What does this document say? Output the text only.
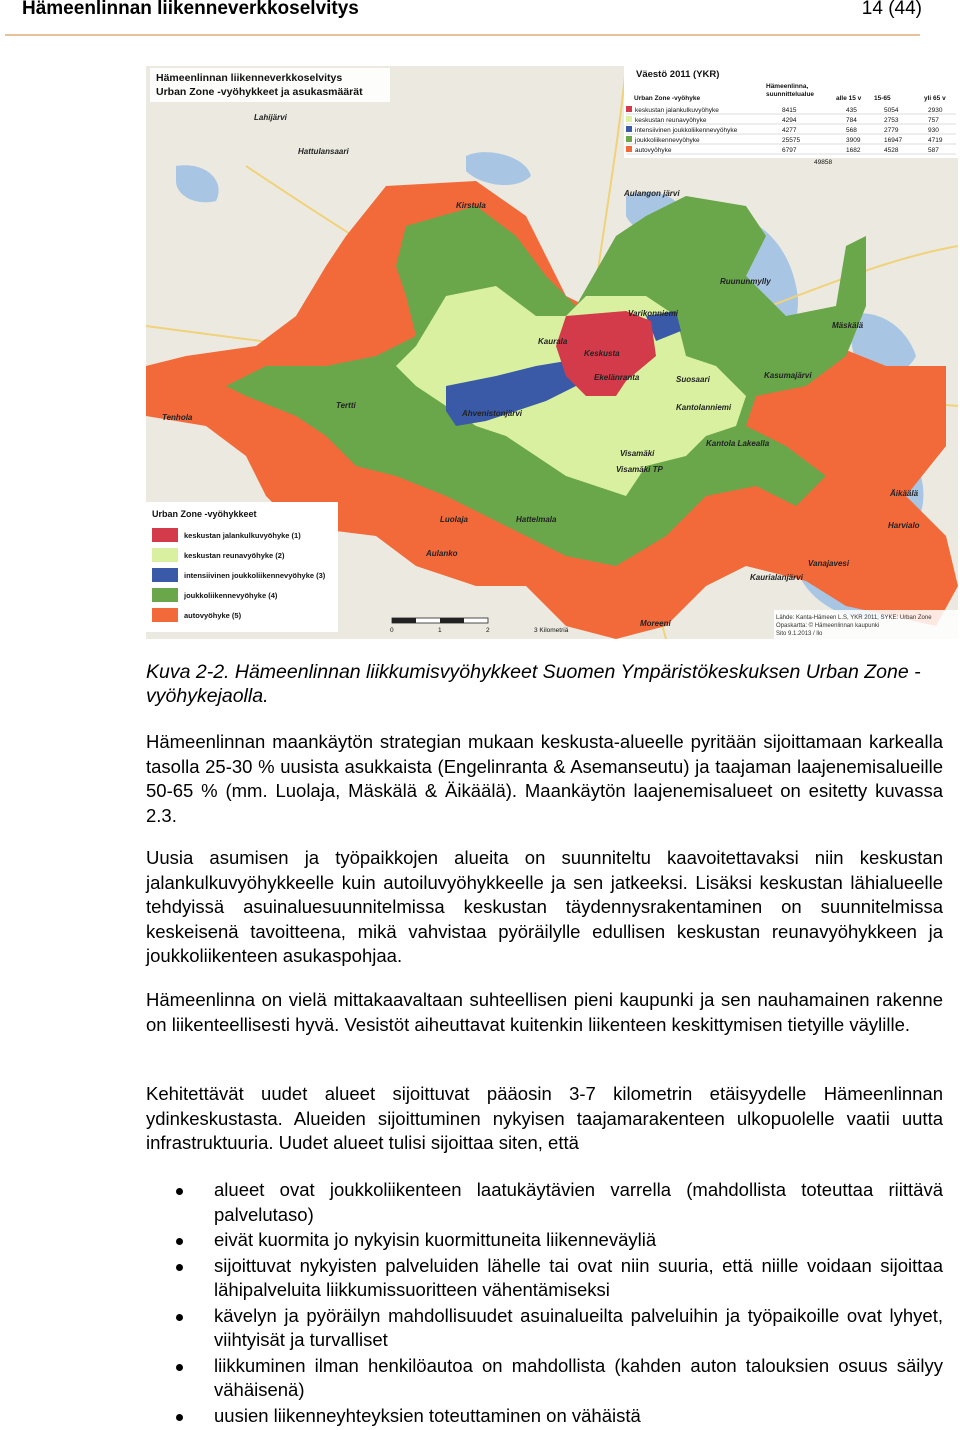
Hämeenlinnan liikenneverkkoselvitys	14 (44)
Hämeenlinnan liikenneverkkoselvitys
Urban Zone -vyöhykkeet ja asukasmäärät
Väestö 2011 (YKR)
Urban Zone -vyöhyke
Hämeenlinna,
suunnittelualue
alle 15 v 15-65	yli 65 v
keskustan jalankulkuvyöhyke	8415	435	5054	2930
keskustan reunavyöhyke	4294	784	2753	757
intensiivinen joukkoliikennevyöhyke	4277	568	2779	930
joukkoliikennevyöhyke	25575	3909	16947	4719
autovyöhyke	6797	1682	4528	587
49858
Lahijärvi
Hattulansaari
Kirstula
Aulangon järvi
Ruununmylly
Varikonniemi
Kaurala
Keskusta
Ekelänranta	Suosaari
Mäskälä
Kasumajärvi
Tenhola
Tertti
Ahvenistonjärvi
Kantolanniemi
Visamäki
Kantola Lakealla
Visamäki TP
Äikäälä
Luolaja	Hattelmala
Harvialo
Aulanko
Moreeni
Kaurialanjärvi
Vanajavesi
Urban Zone -vyöhykkeet
keskustan jalankulkuvyöhyke (1)
keskustan reunavyöhyke (2)
intensiivinen joukkoliikennevyöhyke (3)
joukkoliikennevyöhyke (4)
autovyöhyke (5)
0	1	2	3 Kilometriä
Lähde: Kanta-Hämeen L.S, YKR 2011, SYKE: Urban Zone
Opaskartta: © Hämeenlinnan kaupunki
Sito 9.1.2013 / llo
Kuva 2-2. Hämeenlinnan liikkumisvyöhykkeet Suomen Ympäristökeskuksen Urban Zone -vyöhykejaolla.
Hämeenlinnan maankäytön strategian mukaan keskusta-alueelle pyritään sijoittamaan karkealla tasolla 25-30 % uusista asukkaista (Engelinranta & Asemanseutu) ja taajaman laajenemisalueille 50-65 % (mm. Luolaja, Mäskälä & Äikäälä). Maankäytön laajenemisalueet on esitetty kuvassa 2.3.
Uusia asumisen ja työpaikkojen alueita on suunniteltu kaavoitettavaksi niin keskustan jalankulkuvyöhykkeelle kuin autoiluvyöhykkeelle ja sen jatkeeksi. Lisäksi keskustan lähialueelle tehdyissä asuinaluesuunnitelmissa keskustan täydennysrakentaminen on suunnitelmissa keskeisenä tavoitteena, mikä vahvistaa pyöräilylle edullisen keskustan reunavyöhykkeen ja joukkoliikenteen asukaspohjaa.
Hämeenlinna on vielä mittakaavaltaan suhteellisen pieni kaupunki ja sen nauhamainen rakenne on liikenteellisesti hyvä. Vesistöt aiheuttavat kuitenkin liikenteen keskittymisen tietyille väylille.
Kehitettävät uudet alueet sijoittuvat pääosin 3-7 kilometrin etäisyydelle Hämeenlinnan ydinkeskustasta. Alueiden sijoittuminen nykyisen taajamarakenteen ulkopuolelle vaatii uutta infrastruktuuria. Uudet alueet tulisi sijoittaa siten, että
alueet ovat joukkoliikenteen laatukäytävien varrella (mahdollista toteuttaa riittävä palvelutaso)
eivät kuormita jo nykyisin kuormittuneita liikenneväyliä
sijoittuvat nykyisten palveluiden lähelle tai ovat niin suuria, että niille voidaan sijoittaa lähipalveluita liikkumissuoritteen vähentämiseksi
kävelyn ja pyöräilyn mahdollisuudet asuinalueilta palveluihin ja työpaikoille ovat lyhyet, viihtyisät ja turvalliset
liikkuminen ilman henkilöautoa on mahdollista (kahden auton talouksien osuus säilyy vähäisenä)
uusien liikenneyhteyksien toteuttaminen on vähäistä
